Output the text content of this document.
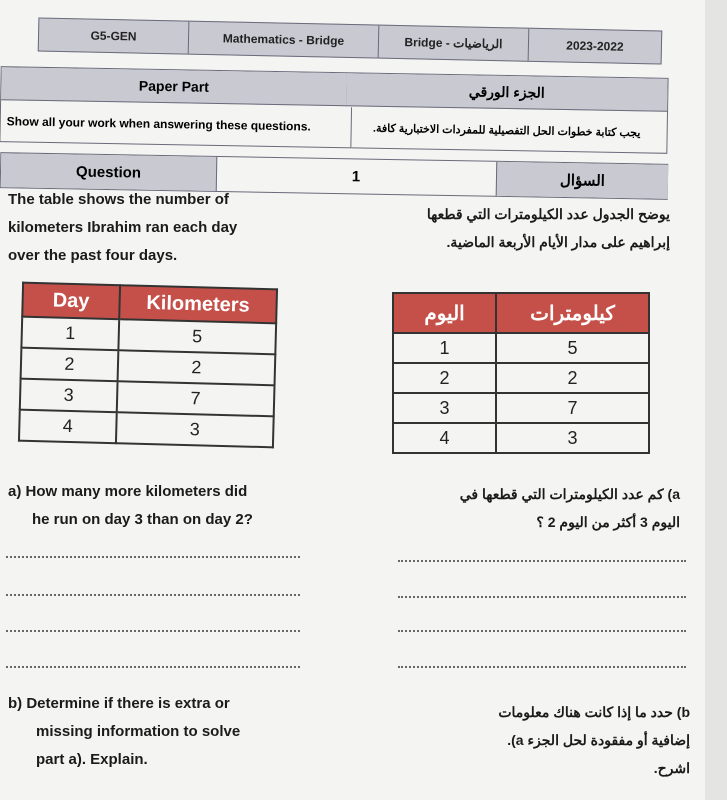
G5-GEN	Mathematics - Bridge	Bridge - الرياضيات	2023-2022
Paper Part	الجزء الورقي
Show all your work when answering these questions.	يجب كتابة خطوات الحل التفصيلية للمفردات الاختبارية كافة.
Question	1	السؤال
The table shows the number of
kilometers Ibrahim ran each day
over the past four days.
يوضح الجدول عدد الكيلومترات التي قطعها
إبراهيم على مدار الأيام الأربعة الماضية.
Day	Kilometers
1	5
2	2
3	7
4	3
اليوم	كيلومترات
1	5
2	2
3	7
4	3
a) How many more kilometers did
he run on day 3 than on day 2?
a) كم عدد الكيلومترات التي قطعها في
اليوم 3 أكثر من اليوم 2 ؟
b) Determine if there is extra or
missing information to solve
part a). Explain.
b) حدد ما إذا كانت هناك معلومات
إضافية أو مفقودة لحل الجزء a).
اشرح.
